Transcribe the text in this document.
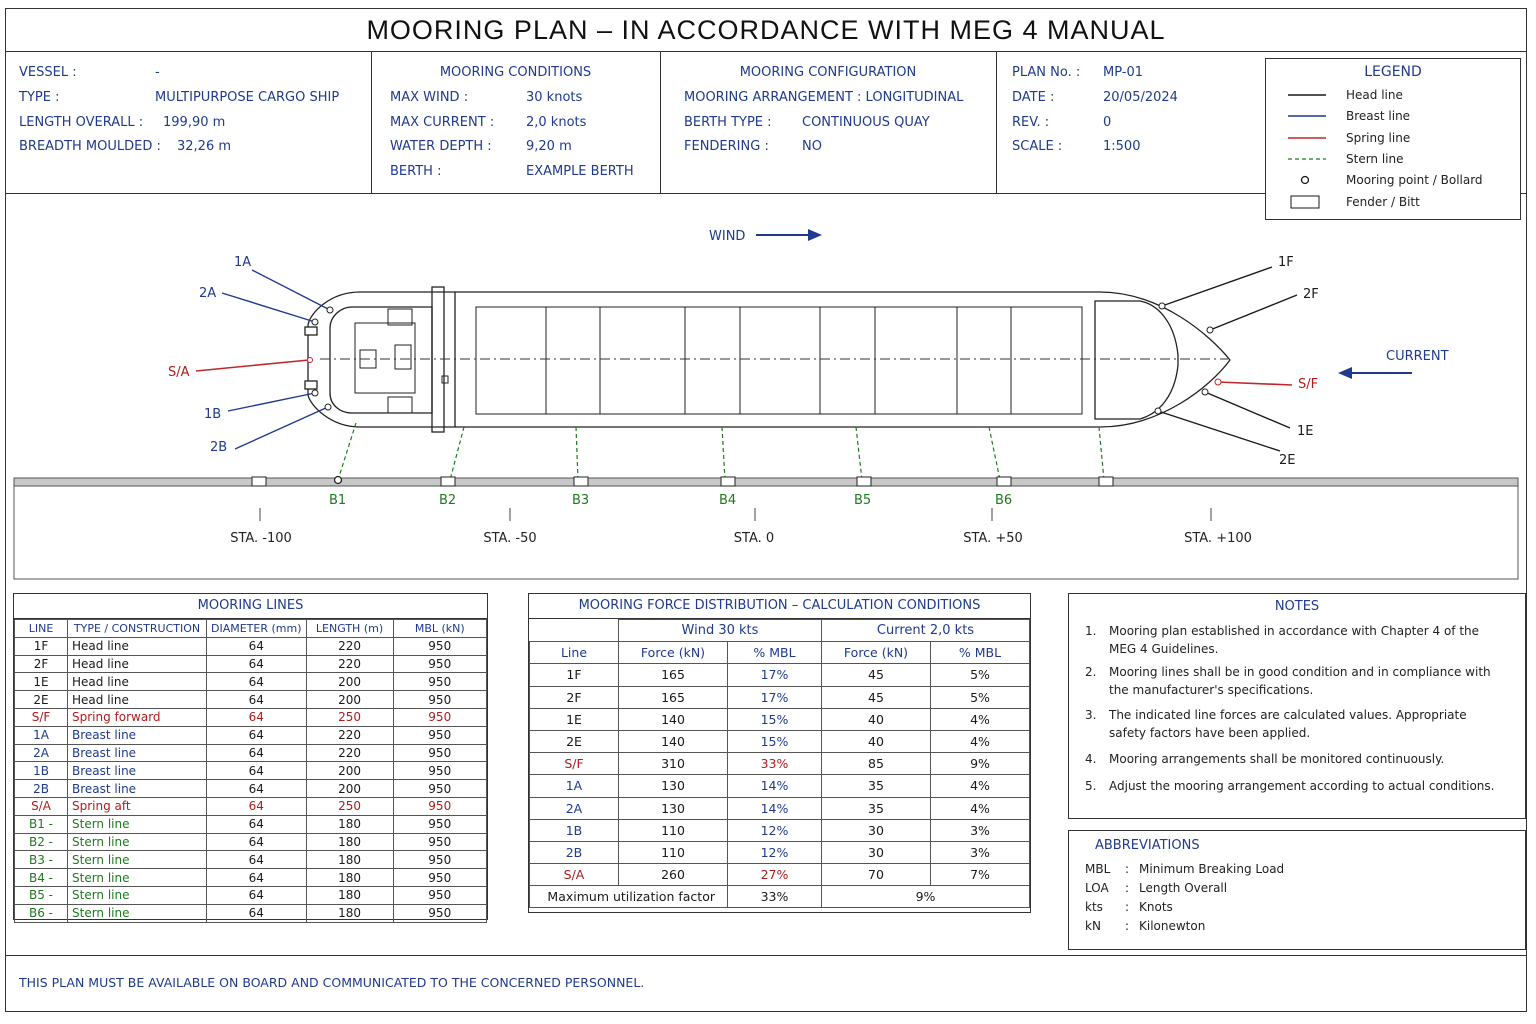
MOORING PLAN – IN ACCORDANCE WITH MEG 4 MANUAL
VESSEL :	-
TYPE :	MULTIPURPOSE CARGO SHIP
LENGTH OVERALL : 199,90 m
BREADTH MOULDED : 32,26 m
MOORING CONDITIONS
MAX WIND :	30 knots
MAX CURRENT : 2,0 knots
WATER DEPTH :	9,20 m
BERTH :	EXAMPLE BERTH
MOORING CONFIGURATION
MOORING ARRANGEMENT : LONGITUDINAL
BERTH TYPE : CONTINUOUS QUAY
FENDERING :	NO
PLAN No. : MP-01
DATE :	20/05/2024
REV. :	0
SCALE :	1:500
LEGEND
Head line
Breast line
Spring line
Stern line
Mooring point / Bollard
Fender / Bitt
WIND
CURRENT
1A
2A
S/A
1B
2B
1F
2F
S/F
1E
2E
B1	B2	B3	B4	B5	B6
STA. -100	STA. -50	STA. 0	STA. +50	STA. +100
MOORING LINES
LINE	TYPE / CONSTRUCTION	DIAMETER (mm)	LENGTH (m)	MBL (kN)
1F	Head line	64	220	950
2F	Head line	64	220	950
1E	Head line	64	200	950
2E	Head line	64	200	950
S/F	Spring forward	64	250	950
1A	Breast line	64	220	950
2A	Breast line	64	220	950
1B	Breast line	64	200	950
2B	Breast line	64	200	950
S/A	Spring aft	64	250	950
B1 -	Stern line	64	180	950
B2 -	Stern line	64	180	950
B3 -	Stern line	64	180	950
B4 -	Stern line	64	180	950
B5 -	Stern line	64	180	950
B6 -	Stern line	64	180	950
MOORING FORCE DISTRIBUTION – CALCULATION CONDITIONS
	Wind 30 kts		Current 2,0 kts	
Line	Force (kN)	% MBL	Force (kN)	% MBL
1F	165	17%	45	5%
2F	165	17%	45	5%
1E	140	15%	40	4%
2E	140	15%	40	4%
S/F	310	33%	85	9%
1A	130	14%	35	4%
2A	130	14%	35	4%
1B	110	12%	30	3%
2B	110	12%	30	3%
S/A	260	27%	70	7%
Maximum utilization factor		33%	9%	
NOTES
1. Mooring plan established in accordance with Chapter 4 of the MEG 4 Guidelines.
2. Mooring lines shall be in good condition and in compliance with the manufacturer's specifications.
3. The indicated line forces are calculated values. Appropriate safety factors have been applied.
4. Mooring arrangements shall be monitored continuously.
5. Adjust the mooring arrangement according to actual conditions.
ABBREVIATIONS
MBL : Minimum Breaking Load
LOA : Length Overall
kts : Knots
kN : Kilonewton
THIS PLAN MUST BE AVAILABLE ON BOARD AND COMMUNICATED TO THE CONCERNED PERSONNEL.
